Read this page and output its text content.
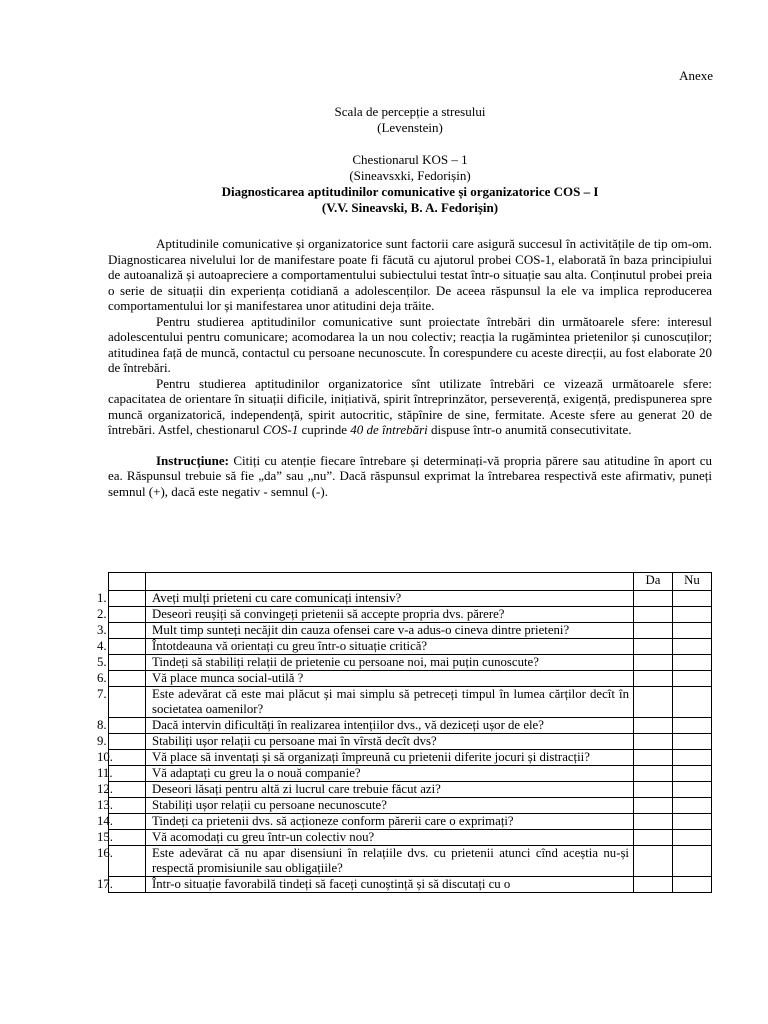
Anexe
Scala de percepție a stresului
(Levenstein)
Chestionarul KOS – 1
(Sineavsxki, Fedorișin)
Diagnosticarea aptitudinilor comunicative și organizatorice COS – I
(V.V. Sineavski, B. A. Fedorișin)

Aptitudinile comunicative și organizatorice sunt factorii care asigură succesul în activitățile de tip om-om. Diagnosticarea nivelului lor de manifestare poate fi făcută cu ajutorul probei COS-1, elaborată în baza principiului de autoanaliză și autoapreciere a comportamentului subiectului testat într-o situație sau alta. Conținutul probei preia o serie de situații din experiența cotidiană a adolescenților. De aceea răspunsul la ele va implica reproducerea comportamentului lor și manifestarea unor atitudini deja trăite.

Pentru studierea aptitudinilor comunicative sunt proiectate întrebări din următoarele sfere: interesul adolescentului pentru comunicare; acomodarea la un nou colectiv; reacția la rugămintea prietenilor și cunoscuților; atitudinea față de muncă, contactul cu persoane necunoscute. În corespundere cu aceste direcții, au fost elaborate 20 de întrebări.

Pentru studierea aptitudinilor organizatorice sînt utilizate întrebări ce vizează următoarele sfere: capacitatea de orientare în situații dificile, inițiativă, spirit întreprinzător, perseverență, exigență, predispunerea spre muncă organizatorică, independență, spirit autocritic, stăpînire de sine, fermitate. Aceste sfere au generat 20 de întrebări. Astfel, chestionarul COS-1 cuprinde 40 de întrebări dispuse într-o anumită consecutivitate.

Instrucțiune: Citiți cu atenție fiecare întrebare și determinați-vă propria părere sau atitudine în aport cu ea. Răspunsul trebuie să fie „da” sau „nu”. Dacă răspunsul exprimat la întrebarea respectivă este afirmativ, puneți semnul (+), dacă este negativ - semnul (-).

		Da	Nu
1.	Aveți mulți prieteni cu care comunicați intensiv?		
2.	Deseori reușiți să convingeți prietenii să accepte propria dvs. părere?		
3.	Mult timp sunteți necăjit din cauza ofensei care v-a adus-o cineva dintre prieteni?		
4.	Întotdeauna vă orientați cu greu într-o situație critică?		
5.	Tindeți să stabiliți relații de prietenie cu persoane noi, mai puțin cunoscute?		
6.	Vă place munca social-utilă ?		
7.	Este adevărat că este mai plăcut și mai simplu să petreceți timpul în lumea cărților decît în societatea oamenilor?		
8.	Dacă intervin dificultăți în realizarea intențiilor dvs., vă deziceți ușor de ele?		
9.	Stabiliți ușor relații cu persoane mai în vîrstă decît dvs?		
10.	Vă place să inventați și să organizați împreună cu prietenii diferite jocuri și distracții?		
11.	Vă adaptați cu greu la o nouă companie?		
12.	Deseori lăsați pentru altă zi lucrul care trebuie făcut azi?		
13.	Stabiliți ușor relații cu persoane necunoscute?		
14.	Tindeți ca prietenii dvs. să acționeze conform părerii care o exprimați?		
15.	Vă acomodați cu greu într-un colectiv nou?		
16.	Este adevărat că nu apar disensiuni în relațiile dvs. cu prietenii atunci cînd aceștia nu-și respectă promisiunile sau obligațiile?		
17.	Într-o situație favorabilă tindeți să faceți cunoștință și să discutați cu o		
